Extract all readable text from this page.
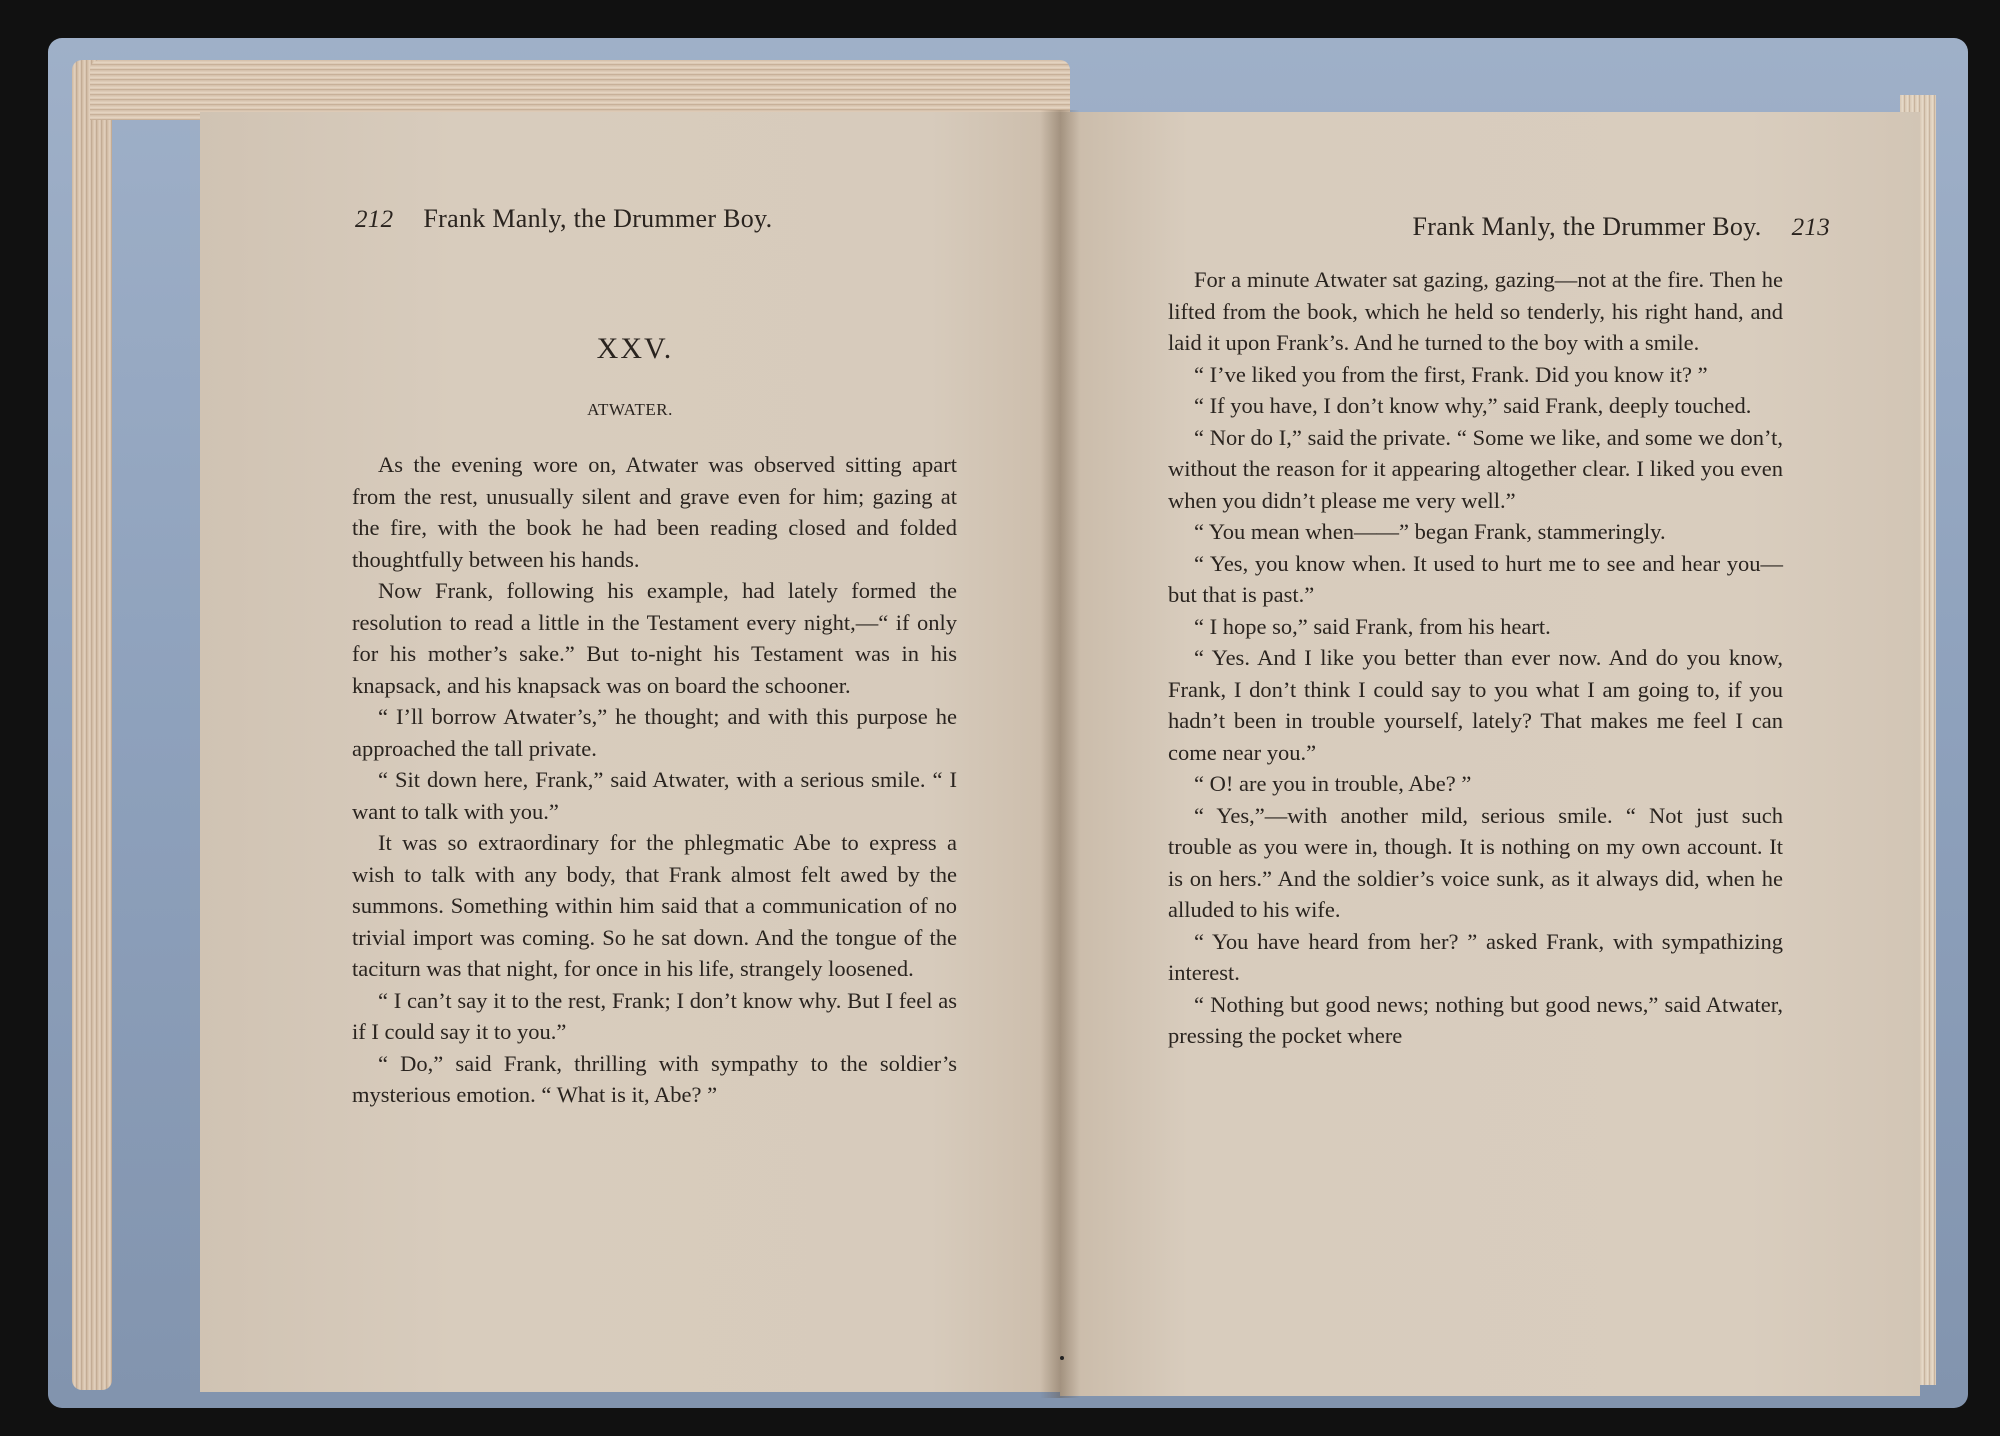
212 Frank Manly, the Drummer Boy.
XXV.
ATWATER.

As the evening wore on, Atwater was observed sitting apart from the rest, unusually silent and grave even for him; gazing at the fire, with the book he had been reading closed and folded thoughtfully between his hands.

Now Frank, following his example, had lately formed the resolution to read a little in the Testament every night,—“ if only for his mother’s sake.” But to-night his Testament was in his knapsack, and his knapsack was on board the schooner.

“ I’ll borrow Atwater’s,” he thought; and with this purpose he approached the tall private.

“ Sit down here, Frank,” said Atwater, with a serious smile. “ I want to talk with you.”

It was so extraordinary for the phlegmatic Abe to express a wish to talk with any body, that Frank almost felt awed by the summons. Something within him said that a communication of no trivial import was coming. So he sat down. And the tongue of the taciturn was that night, for once in his life, strangely loosened.

“ I can’t say it to the rest, Frank; I don’t know why. But I feel as if I could say it to you.”

“ Do,” said Frank, thrilling with sympathy to the soldier’s mysterious emotion. “ What is it, Abe? ”

Frank Manly, the Drummer Boy. 213

For a minute Atwater sat gazing, gazing—not at the fire. Then he lifted from the book, which he held so tenderly, his right hand, and laid it upon Frank’s. And he turned to the boy with a smile.

“ I’ve liked you from the first, Frank. Did you know it? ”

“ If you have, I don’t know why,” said Frank, deeply touched.

“ Nor do I,” said the private. “ Some we like, and some we don’t, without the reason for it appearing altogether clear. I liked you even when you didn’t please me very well.”

“ You mean when——” began Frank, stammeringly.

“ Yes, you know when. It used to hurt me to see and hear you—but that is past.”

“ I hope so,” said Frank, from his heart.

“ Yes. And I like you better than ever now. And do you know, Frank, I don’t think I could say to you what I am going to, if you hadn’t been in trouble yourself, lately? That makes me feel I can come near you.”

“ O! are you in trouble, Abe? ”

“ Yes,”—with another mild, serious smile. “ Not just such trouble as you were in, though. It is nothing on my own account. It is on hers.” And the soldier’s voice sunk, as it always did, when he alluded to his wife.

“ You have heard from her? ” asked Frank, with sympathizing interest.

“ Nothing but good news; nothing but good news,” said Atwater, pressing the pocket where
